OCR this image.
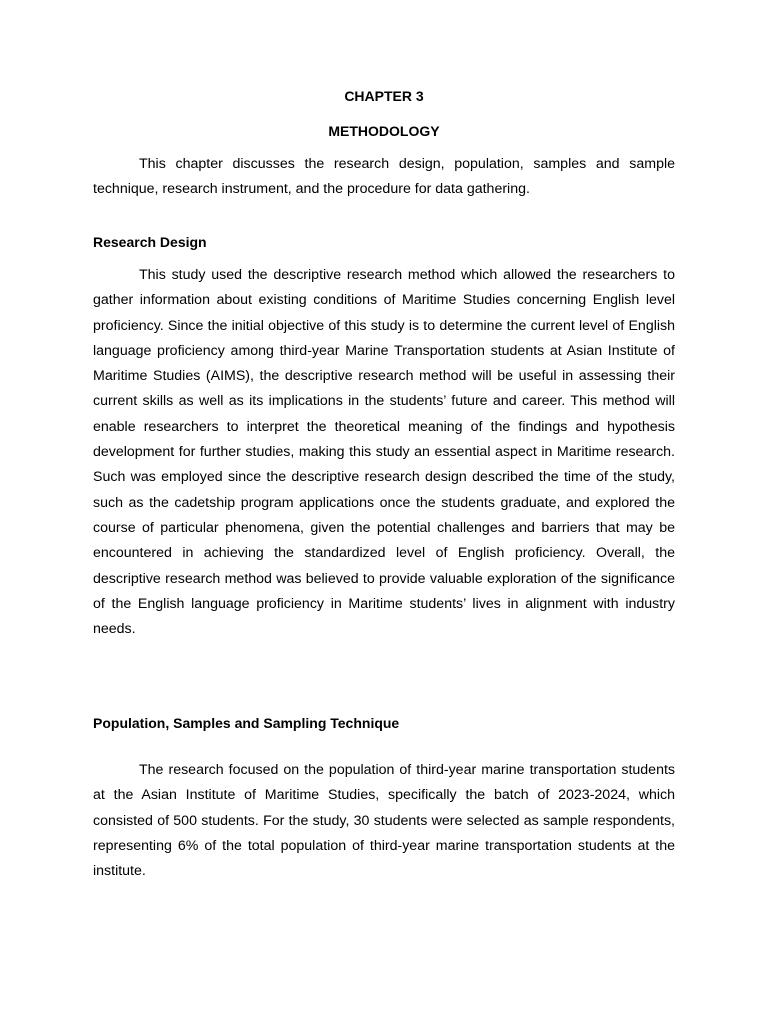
CHAPTER 3

METHODOLOGY

This chapter discusses the research design, population, samples and sample technique, research instrument, and the procedure for data gathering.

Research Design

This study used the descriptive research method which allowed the researchers to gather information about existing conditions of Maritime Studies concerning English level proficiency. Since the initial objective of this study is to determine the current level of English language proficiency among third-year Marine Transportation students at Asian Institute of Maritime Studies (AIMS), the descriptive research method will be useful in assessing their current skills as well as its implications in the students’ future and career. This method will enable researchers to interpret the theoretical meaning of the findings and hypothesis development for further studies, making this study an essential aspect in Maritime research. Such was employed since the descriptive research design described the time of the study, such as the cadetship program applications once the students graduate, and explored the course of particular phenomena, given the potential challenges and barriers that may be encountered in achieving the standardized level of English proficiency. Overall, the descriptive research method was believed to provide valuable exploration of the significance of the English language proficiency in Maritime students’ lives in alignment with industry needs.

Population, Samples and Sampling Technique

The research focused on the population of third-year marine transportation students at the Asian Institute of Maritime Studies, specifically the batch of 2023-2024, which consisted of 500 students. For the study, 30 students were selected as sample respondents, representing 6% of the total population of third-year marine transportation students at the institute.
